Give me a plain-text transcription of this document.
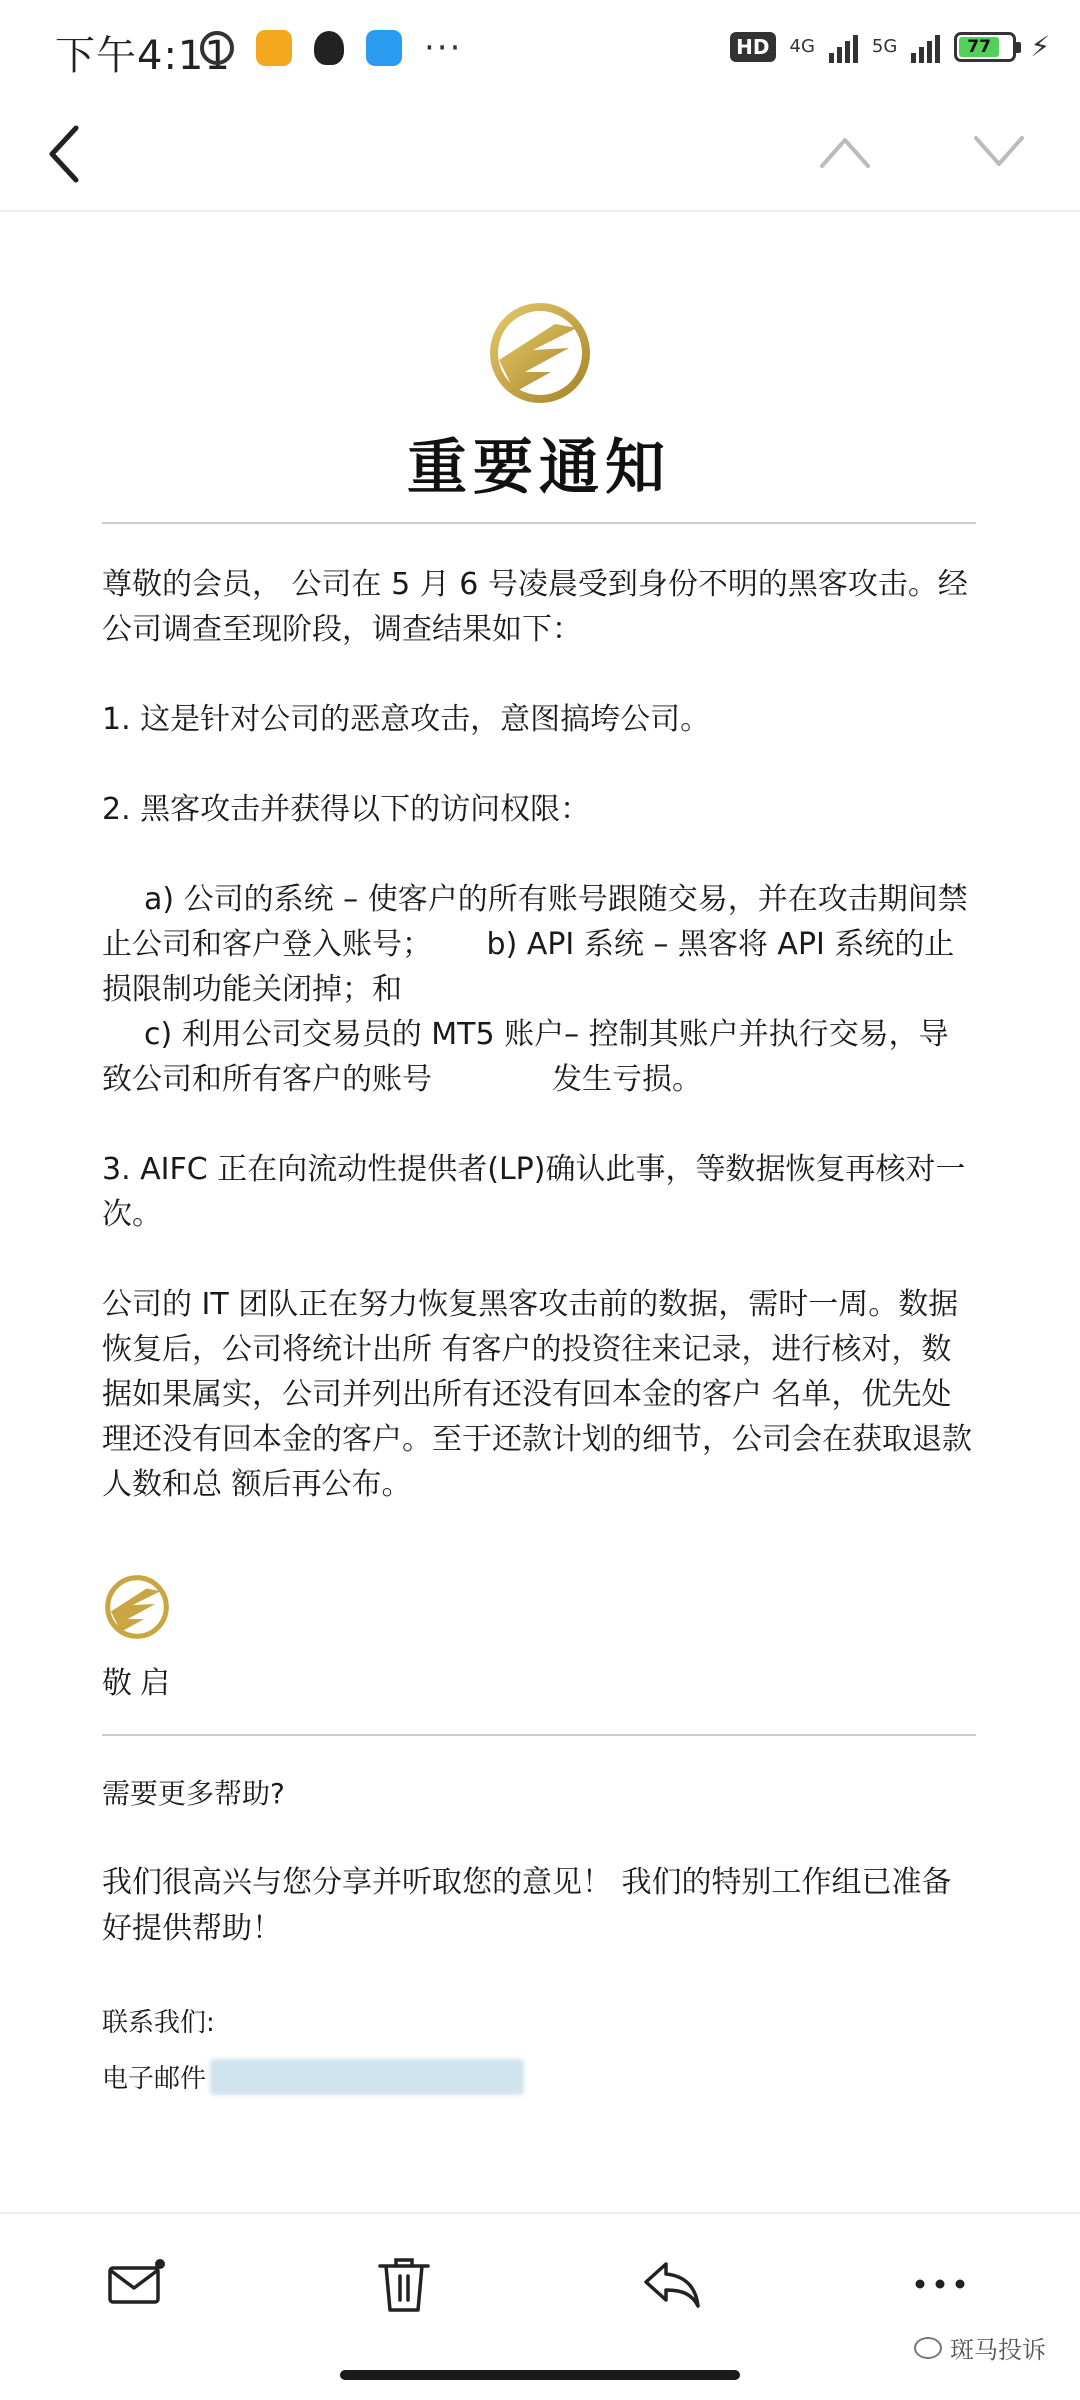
下午4:11	···	HD	4G	5G	77 ⚡
重要通知

尊敬的会员， 公司在 5 月 6 号凌晨受到身份不明的黑客攻击。经公司调查至现阶段，调查结果如下：

1. 这是针对公司的恶意攻击，意图搞垮公司。

2. 黑客攻击并获得以下的访问权限：

a) 公司的系统 – 使客户的所有账号跟随交易，并在攻击期间禁止公司和客户登入账号；　　 b) API 系统 – 黑客将 API 系统的止损限制功能关闭掉；和

c) 利用公司交易员的 MT5 账户– 控制其账户并执行交易，导致公司和所有客户的账号　　　　发生亏损。

3. AIFC 正在向流动性提供者(LP)确认此事，等数据恢复再核对一次。

公司的 IT 团队正在努力恢复黑客攻击前的数据，需时一周。数据恢复后，公司将统计出所 有客户的投资往来记录，进行核对，数据如果属实，公司并列出所有还没有回本金的客户 名单，优先处理还没有回本金的客户。至于还款计划的细节，公司会在获取退款人数和总 额后再公布。

敬启
需要更多帮助?
我们很高兴与您分享并听取您的意见！ 我们的特别工作组已准备好提供帮助！
联系我们:
电子邮件
斑马投诉
